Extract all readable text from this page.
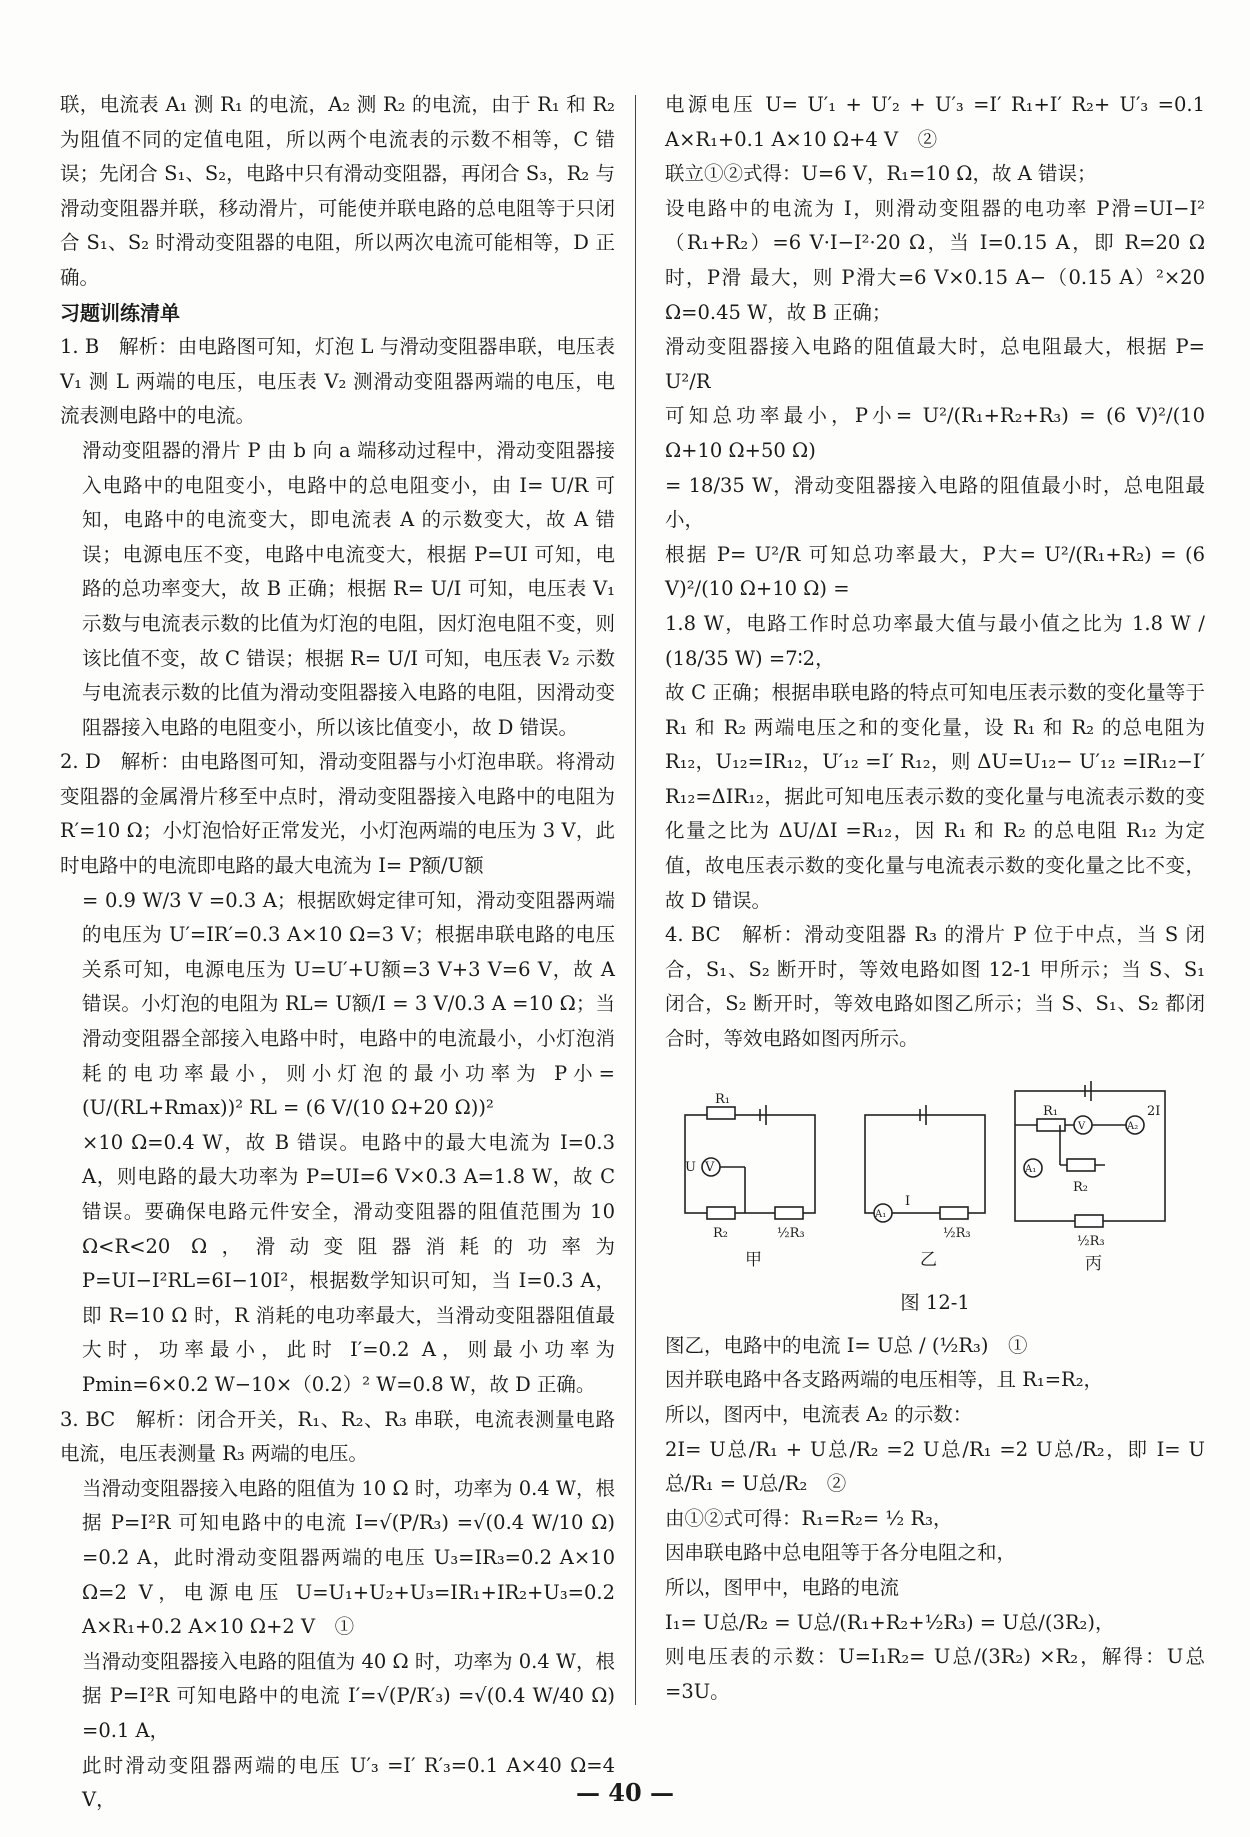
联，电流表 A₁ 测 R₁ 的电流，A₂ 测 R₂ 的电流，由于 R₁ 和 R₂ 为阻值不同的定值电阻，所以两个电流表的示数不相等，C 错误；先闭合 S₁、S₂，电路中只有滑动变阻器，再闭合 S₃，R₂ 与滑动变阻器并联，移动滑片，可能使并联电路的总电阻等于只闭合 S₁、S₂ 时滑动变阻器的电阻，所以两次电流可能相等，D 正确。

习题训练清单

1. B　解析：由电路图可知，灯泡 L 与滑动变阻器串联，电压表 V₁ 测 L 两端的电压，电压表 V₂ 测滑动变阻器两端的电压，电流表测电路中的电流。

滑动变阻器的滑片 P 由 b 向 a 端移动过程中，滑动变阻器接入电路中的电阻变小，电路中的总电阻变小，由 I= U/R 可知，电路中的电流变大，即电流表 A 的示数变大，故 A 错误；电源电压不变，电路中电流变大，根据 P=UI 可知，电路的总功率变大，故 B 正确；根据 R= U/I 可知，电压表 V₁ 示数与电流表示数的比值为灯泡的电阻，因灯泡电阻不变，则该比值不变，故 C 错误；根据 R= U/I 可知，电压表 V₂ 示数与电流表示数的比值为滑动变阻器接入电路的电阻，因滑动变阻器接入电路的电阻变小，所以该比值变小，故 D 错误。

2. D　解析：由电路图可知，滑动变阻器与小灯泡串联。将滑动变阻器的金属滑片移至中点时，滑动变阻器接入电路中的电阻为 R′=10 Ω；小灯泡恰好正常发光，小灯泡两端的电压为 3 V，此时电路中的电流即电路的最大电流为 I= P额/U额

= 0.9 W/3 V =0.3 A；根据欧姆定律可知，滑动变阻器两端的电压为 U′=IR′=0.3 A×10 Ω=3 V；根据串联电路的电压关系可知，电源电压为 U=U′+U额=3 V+3 V=6 V，故 A 错误。小灯泡的电阻为 RL= U额/I = 3 V/0.3 A =10 Ω；当滑动变阻器全部接入电路中时，电路中的电流最小，小灯泡消耗的电功率最小，则小灯泡的最小功率为 P小=(U/(RL+Rmax))² RL = (6 V/(10 Ω+20 Ω))²

×10 Ω=0.4 W，故 B 错误。电路中的最大电流为 I=0.3 A，则电路的最大功率为 P=UI=6 V×0.3 A=1.8 W，故 C 错误。要确保电路元件安全，滑动变阻器的阻值范围为 10 Ω<R<20 Ω，滑动变阻器消耗的功率为 P=UI−I²RL=6I−10I²，根据数学知识可知，当 I=0.3 A，即 R=10 Ω 时，R 消耗的电功率最大，当滑动变阻器阻值最大时，功率最小，此时 I′=0.2 A，则最小功率为 Pmin=6×0.2 W−10×（0.2）² W=0.8 W，故 D 正确。

3. BC　解析：闭合开关，R₁、R₂、R₃ 串联，电流表测量电路电流，电压表测量 R₃ 两端的电压。

当滑动变阻器接入电路的阻值为 10 Ω 时，功率为 0.4 W，根据 P=I²R 可知电路中的电流 I=√(P/R₃) =√(0.4 W/10 Ω) =0.2 A，此时滑动变阻器两端的电压 U₃=IR₃=0.2 A×10 Ω=2 V，电源电压 U=U₁+U₂+U₃=IR₁+IR₂+U₃=0.2 A×R₁+0.2 A×10 Ω+2 V　①

当滑动变阻器接入电路的阻值为 40 Ω 时，功率为 0.4 W，根据 P=I²R 可知电路中的电流 I′=√(P/R′₃) =√(0.4 W/40 Ω) =0.1 A，

此时滑动变阻器两端的电压 U′₃ =I′ R′₃=0.1 A×40 Ω=4 V，

电源电压 U= U′₁ + U′₂ + U′₃ =I′ R₁+I′ R₂+ U′₃ =0.1 A×R₁+0.1 A×10 Ω+4 V　②

联立①②式得：U=6 V，R₁=10 Ω，故 A 错误；

设电路中的电流为 I，则滑动变阻器的电功率 P滑=UI−I²（R₁+R₂）=6 V·I−I²·20 Ω，当 I=0.15 A，即 R=20 Ω 时，P滑 最大，则 P滑大=6 V×0.15 A−（0.15 A）²×20 Ω=0.45 W，故 B 正确；

滑动变阻器接入电路的阻值最大时，总电阻最大，根据 P= U²/R

可知总功率最小，P小= U²/(R₁+R₂+R₃) = (6 V)²/(10 Ω+10 Ω+50 Ω)

= 18/35 W，滑动变阻器接入电路的阻值最小时，总电阻最小，

根据 P= U²/R 可知总功率最大，P大= U²/(R₁+R₂) = (6 V)²/(10 Ω+10 Ω) =

1.8 W，电路工作时总功率最大值与最小值之比为 1.8 W / (18/35 W) =7∶2，

故 C 正确；根据串联电路的特点可知电压表示数的变化量等于 R₁ 和 R₂ 两端电压之和的变化量，设 R₁ 和 R₂ 的总电阻为 R₁₂，U₁₂=IR₁₂，U′₁₂ =I′ R₁₂，则 ΔU=U₁₂− U′₁₂ =IR₁₂−I′ R₁₂=ΔIR₁₂，据此可知电压表示数的变化量与电流表示数的变化量之比为 ΔU/ΔI =R₁₂，因 R₁ 和 R₂ 的总电阻 R₁₂ 为定值，故电压表示数的变化量与电流表示数的变化量之比不变，故 D 错误。

4. BC　解析：滑动变阻器 R₃ 的滑片 P 位于中点，当 S 闭合，S₁、S₂ 断开时，等效电路如图 12-1 甲所示；当 S、S₁ 闭合，S₂ 断开时，等效电路如图乙所示；当 S、S₁、S₂ 都闭合时，等效电路如图丙所示。

R₁
V
U
R₂	½R₃
甲
A₁
I
½R₃
乙
R₁
V	A₂
2I
A₁
R₂
½R₃
丙

图 12-1

图乙，电路中的电流 I= U总 / (½R₃)　①

因并联电路中各支路两端的电压相等，且 R₁=R₂，

所以，图丙中，电流表 A₂ 的示数：

2I= U总/R₁ + U总/R₂ =2 U总/R₁ =2 U总/R₂，即 I= U总/R₁ = U总/R₂　②

由①②式可得：R₁=R₂= ½ R₃，

因串联电路中总电阻等于各分电阻之和，

所以，图甲中，电路的电流

I₁= U总/R₂ = U总/(R₁+R₂+½R₃) = U总/(3R₂)，

则电压表的示数：U=I₁R₂= U总/(3R₂) ×R₂，解得：U总=3U。

— 40 —
